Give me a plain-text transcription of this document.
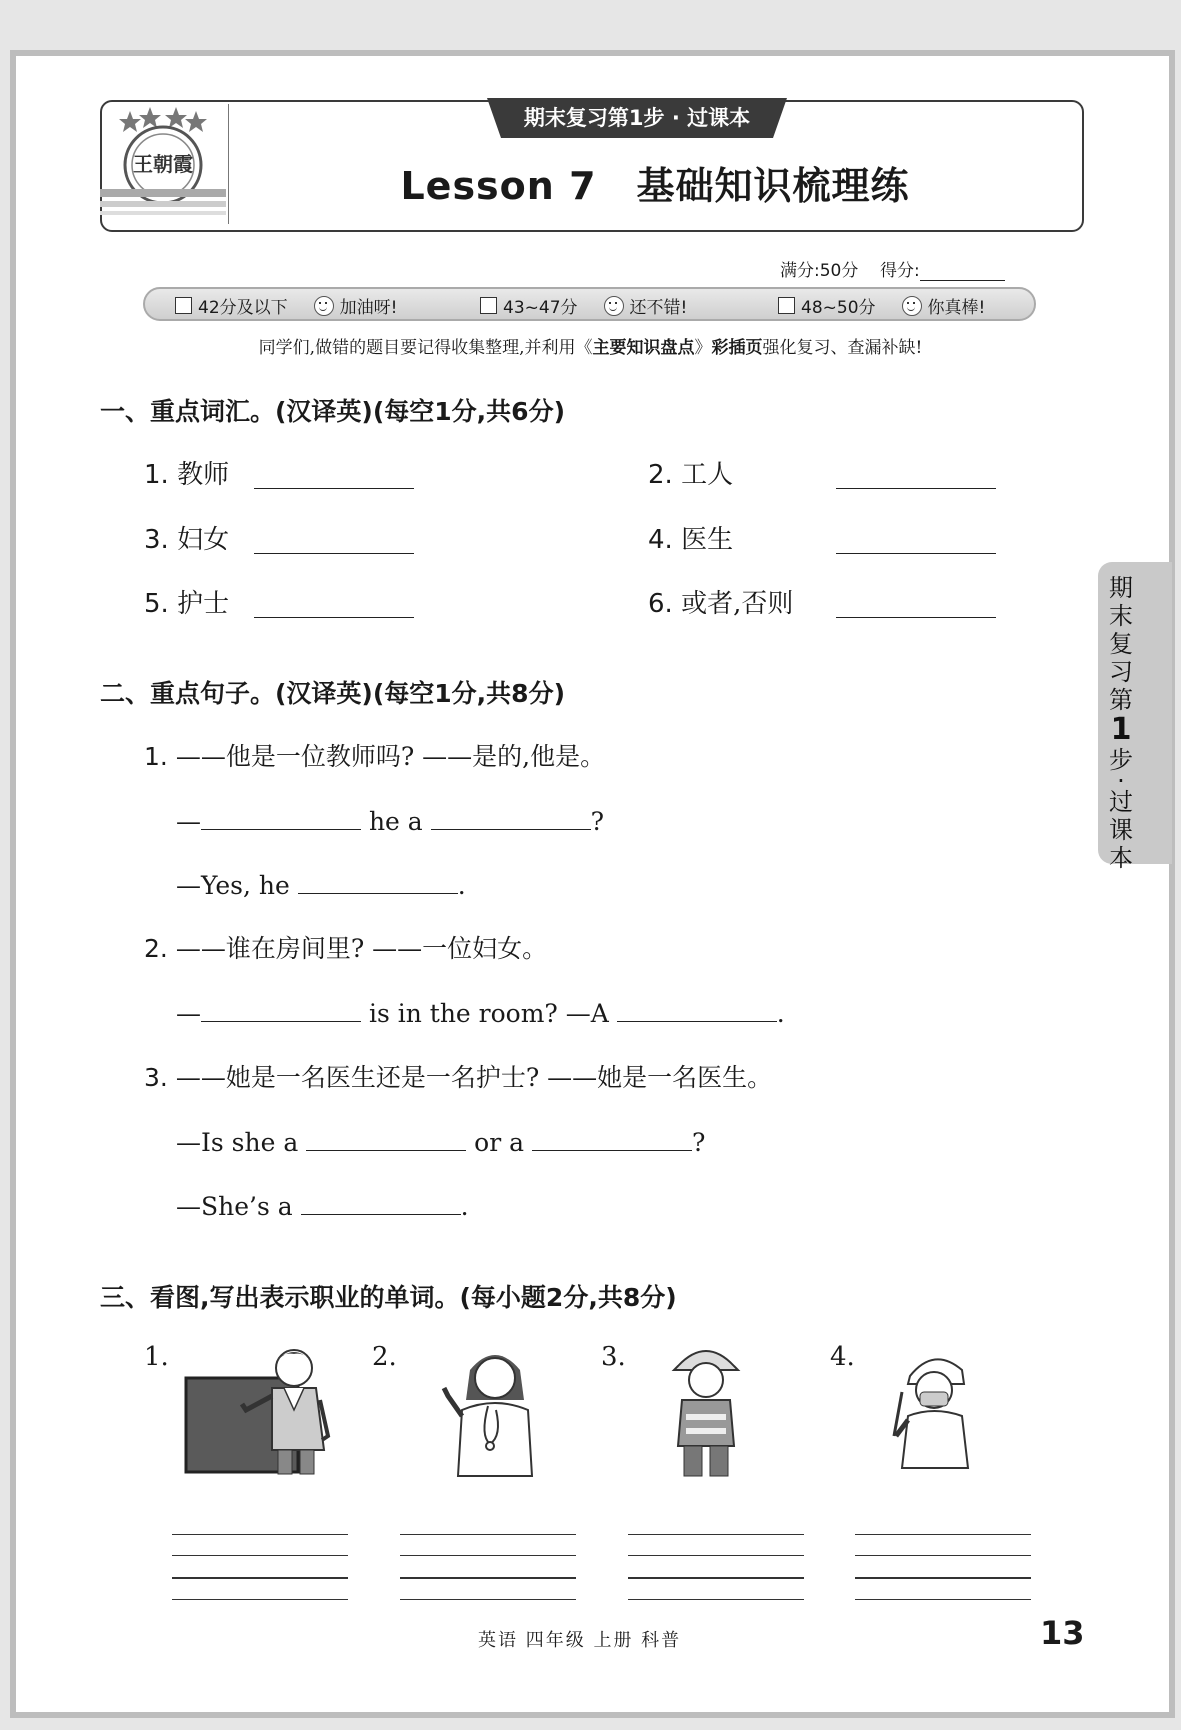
王朝霞
期末复习第1步 · 过课本
Lesson 7 基础知识梳理练
满分:50分 得分:
42分及以下	加油呀!	43~47分	还不错!	48~50分	你真棒!
同学们,做错的题目要记得收集整理,并利用《主要知识盘点》彩插页强化复习、查漏补缺!
一、重点词汇。(汉译英)(每空1分,共6分)
1. 教师	2. 工人
3. 妇女	4. 医生
5. 护士	6. 或者,否则
二、重点句子。(汉译英)(每空1分,共8分)
1. ——他是一位教师吗? ——是的,他是。
—	he a	?
—Yes, he	.
2. ——谁在房间里? ——一位妇女。
—	is in the room? —A	.
3. ——她是一名医生还是一名护士? ——她是一名医生。
—Is she a	or a	?
—She’s a	.
三、看图,写出表示职业的单词。(每小题2分,共8分)
1.	2.	3.	4.
期
末
复
习
第
1
步
·
过
课
本
英语 四年级 上册 科普	13
